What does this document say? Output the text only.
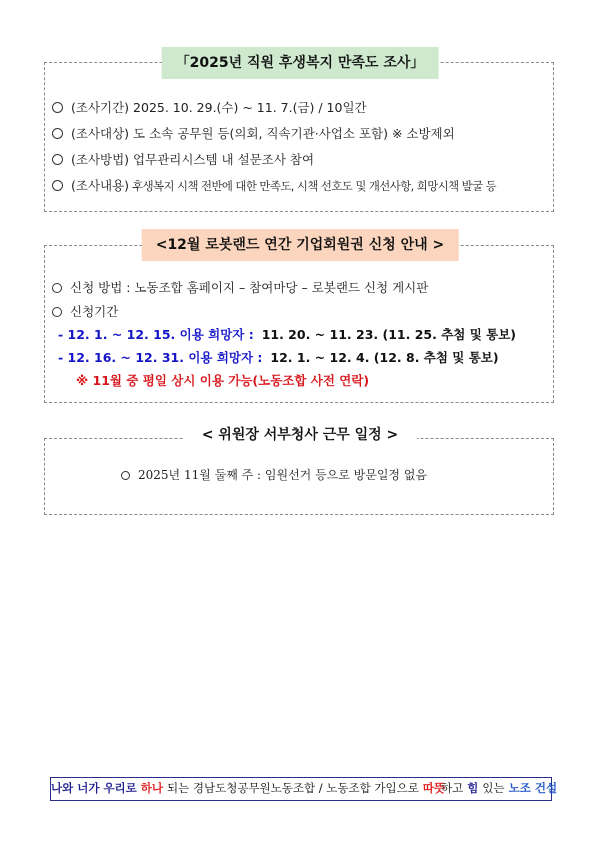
「2025년 직원 후생복지 만족도 조사」
(조사기간) 2025. 10. 29.(수) ~ 11. 7.(금) / 10일간
(조사대상) 도 소속 공무원 등(의회, 직속기관·사업소 포함) ※ 소방제외
(조사방법) 업무관리시스템 내 설문조사 참여
(조사내용) 후생복지 시책 전반에 대한 만족도, 시책 선호도 및 개선사항, 희망시책 발굴 등
<12월 로봇랜드 연간 기업회원권 신청 안내 >
신청 방법 : 노동조합 홈페이지 – 참여마당 – 로봇랜드 신청 게시판
신청기간
- 12. 1. ~ 12. 15. 이용 희망자 : 11. 20. ~ 11. 23. (11. 25. 추첨 및 통보)
- 12. 16. ~ 12. 31. 이용 희망자 : 12. 1. ~ 12. 4. (12. 8. 추첨 및 통보)
※ 11월 중 평일 상시 이용 가능(노동조합 사전 연락)
< 위원장 서부청사 근무 일정 >
2025년 11월 둘째 주 : 임원선거 등으로 방문일정 없음
나와 너가 우리로 하나 되는 경남도청공무원노동조합 / 노동조합 가입으로 따뜻하고 힘 있는 노조 건설
